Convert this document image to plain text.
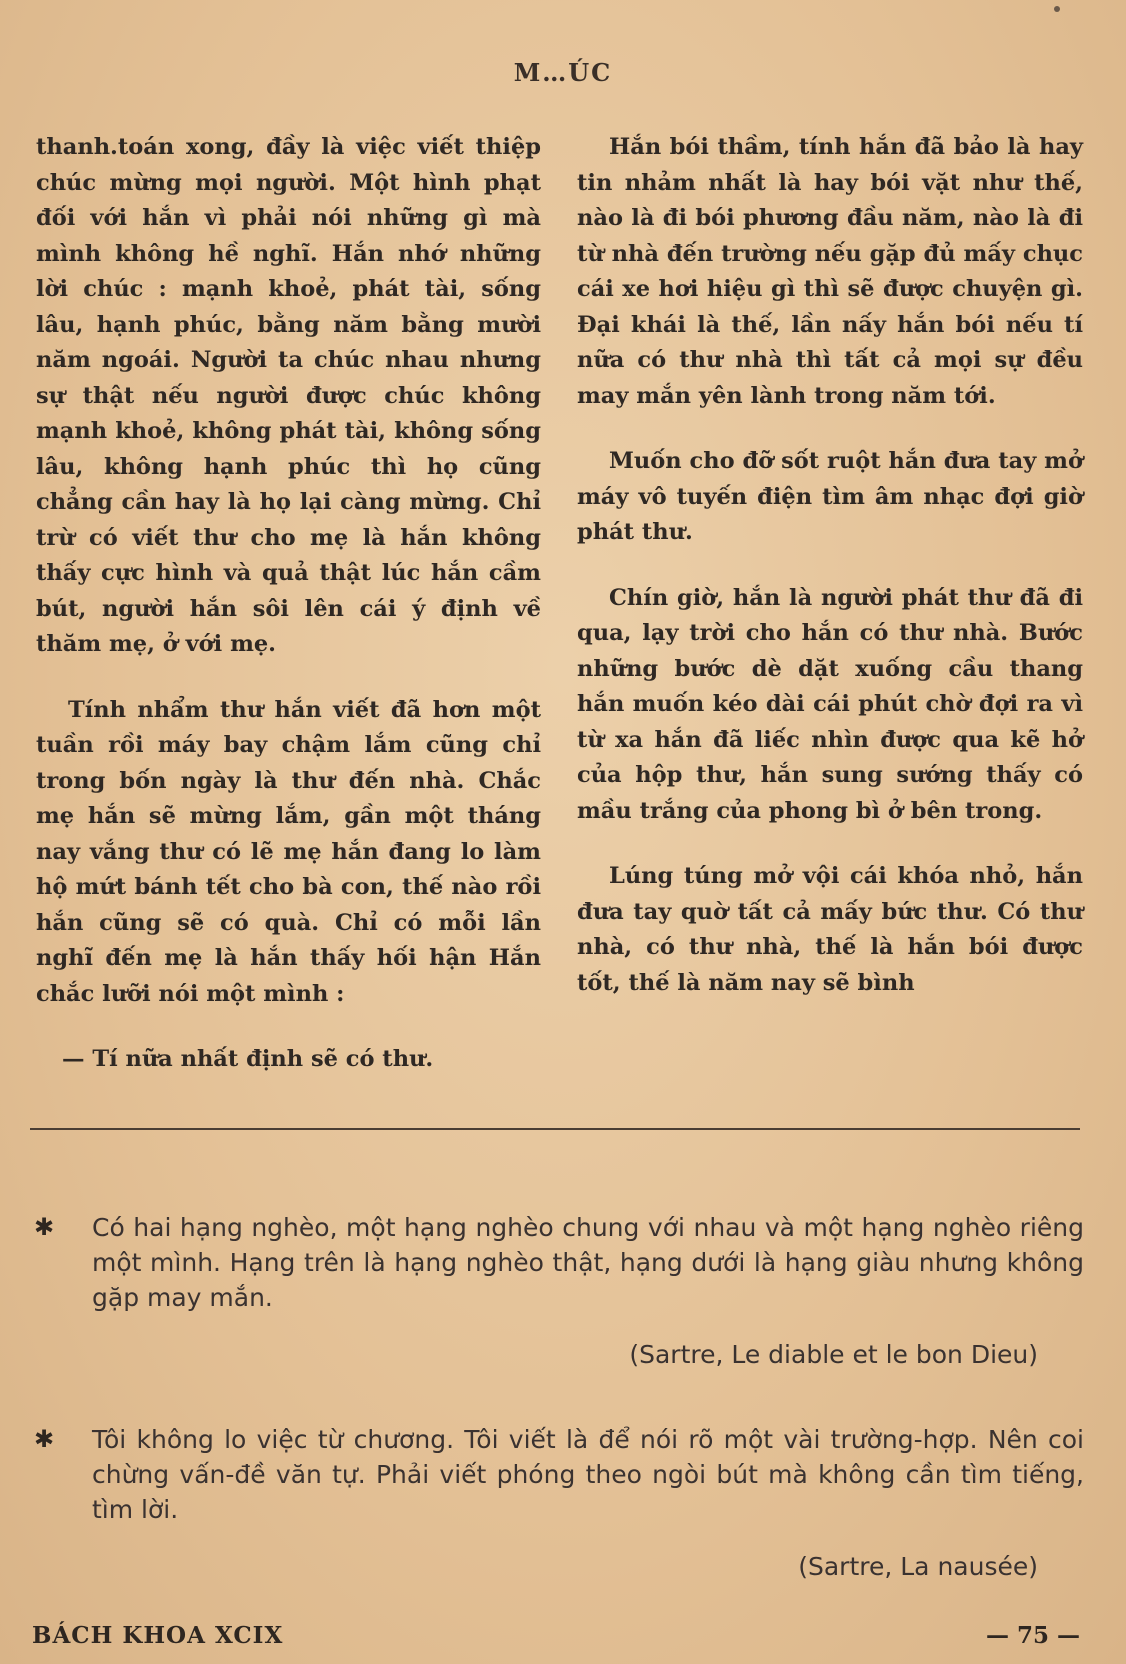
M…ÚC

thanh.toán xong, đầy là việc viết thiệp chúc mừng mọi người. Một hình phạt đối với hắn vì phải nói những gì mà mình không hề nghĩ. Hắn nhớ những lời chúc : mạnh khoẻ, phát tài, sống lâu, hạnh phúc, bằng năm bằng mười năm ngoái. Người ta chúc nhau nhưng sự thật nếu người được chúc không mạnh khoẻ, không phát tài, không sống lâu, không hạnh phúc thì họ cũng chẳng cần hay là họ lại càng mừng. Chỉ trừ có viết thư cho mẹ là hắn không thấy cực hình và quả thật lúc hắn cầm bút, người hắn sôi lên cái ý định về thăm mẹ, ở với mẹ.

Tính nhẩm thư hắn viết đã hơn một tuần rồi máy bay chậm lắm cũng chỉ trong bốn ngày là thư đến nhà. Chắc mẹ hắn sẽ mừng lắm, gần một tháng nay vắng thư có lẽ mẹ hắn đang lo làm hộ mứt bánh tết cho bà con, thế nào rồi hắn cũng sẽ có quà. Chỉ có mỗi lần nghĩ đến mẹ là hắn thấy hối hận Hắn chắc lưỡi nói một mình :

— Tí nữa nhất định sẽ có thư.

Hắn bói thầm, tính hắn đã bảo là hay tin nhảm nhất là hay bói vặt như thế, nào là đi bói phương đầu năm, nào là đi từ nhà đến trường nếu gặp đủ mấy chục cái xe hơi hiệu gì thì sẽ được chuyện gì. Đại khái là thế, lần nấy hắn bói nếu tí nữa có thư nhà thì tất cả mọi sự đều may mắn yên lành trong năm tới.

Muốn cho đỡ sốt ruột hắn đưa tay mở máy vô tuyến điện tìm âm nhạc đợi giờ phát thư.

Chín giờ, hắn là người phát thư đã đi qua, lạy trời cho hắn có thư nhà. Bước những bước dè dặt xuống cầu thang hắn muốn kéo dài cái phút chờ đợi ra vì từ xa hắn đã liếc nhìn được qua kẽ hở của hộp thư, hắn sung sướng thấy có mầu trắng của phong bì ở bên trong.

Lúng túng mở vội cái khóa nhỏ, hắn đưa tay quờ tất cả mấy bức thư. Có thư nhà, có thư nhà, thế là hắn bói được tốt, thế là năm nay sẽ bình

✱ Có hai hạng nghèo, một hạng nghèo chung với nhau và một hạng nghèo riêng một mình. Hạng trên là hạng nghèo thật, hạng dưới là hạng giàu nhưng không gặp may mắn.
(Sartre, Le diable et le bon Dieu)
✱ Tôi không lo việc từ chương. Tôi viết là để nói rõ một vài trường-hợp. Nên coi chừng vấn-đề văn tự. Phải viết phóng theo ngòi bút mà không cần tìm tiếng, tìm lời.
(Sartre, La nausée)
BÁCH KHOA XCIX	— 75 —
